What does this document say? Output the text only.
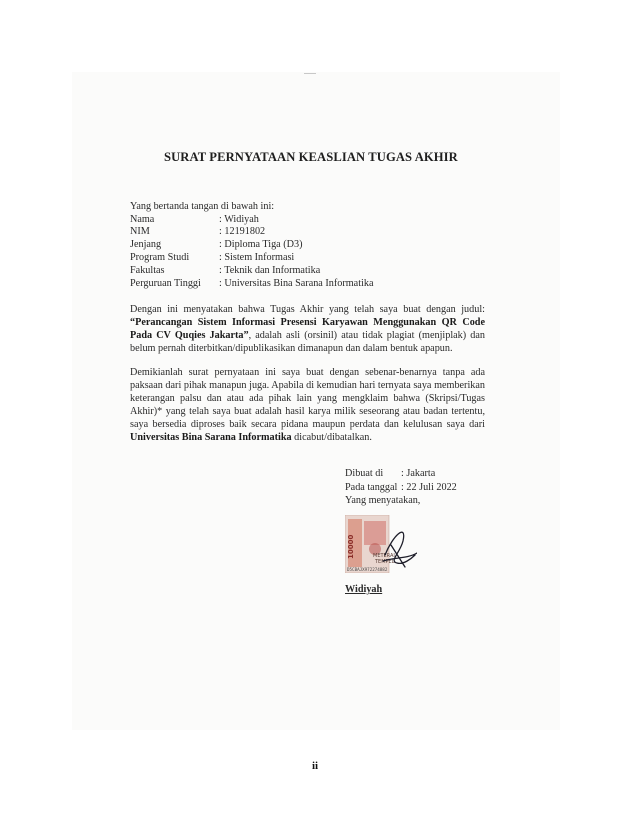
SURAT PERNYATAAN KEASLIAN TUGAS AKHIR
Yang bertanda tangan di bawah ini:
Nama	: Widiyah
NIM	: 12191802
Jenjang	: Diploma Tiga (D3)
Program Studi	: Sistem Informasi
Fakultas	: Teknik dan Informatika
Perguruan Tinggi	: Universitas Bina Sarana Informatika
Dengan ini menyatakan bahwa Tugas Akhir yang telah saya buat dengan judul: “Perancangan Sistem Informasi Presensi Karyawan Menggunakan QR Code Pada CV Quqies Jakarta”, adalah asli (orsinil) atau tidak plagiat (menjiplak) dan belum pernah diterbitkan/dipublikasikan dimanapun dan dalam bentuk apapun.
Demikianlah surat pernyataan ini saya buat dengan sebenar-benarnya tanpa ada paksaan dari pihak manapun juga. Apabila di kemudian hari ternyata saya memberikan keterangan palsu dan atau ada pihak lain yang mengklaim bahwa (Skripsi/Tugas Akhir)* yang telah saya buat adalah hasil karya milik seseorang atau badan tertentu, saya bersedia diproses baik secara pidana maupun perdata dan kelulusan saya dari Universitas Bina Sarana Informatika dicabut/dibatalkan.
Dibuat di : Jakarta
Pada tanggal : 22 Juli 2022
Yang menyatakan,
10000	METERAI
TEMPEL
D5CBAJX972274882
Widiyah
ii
